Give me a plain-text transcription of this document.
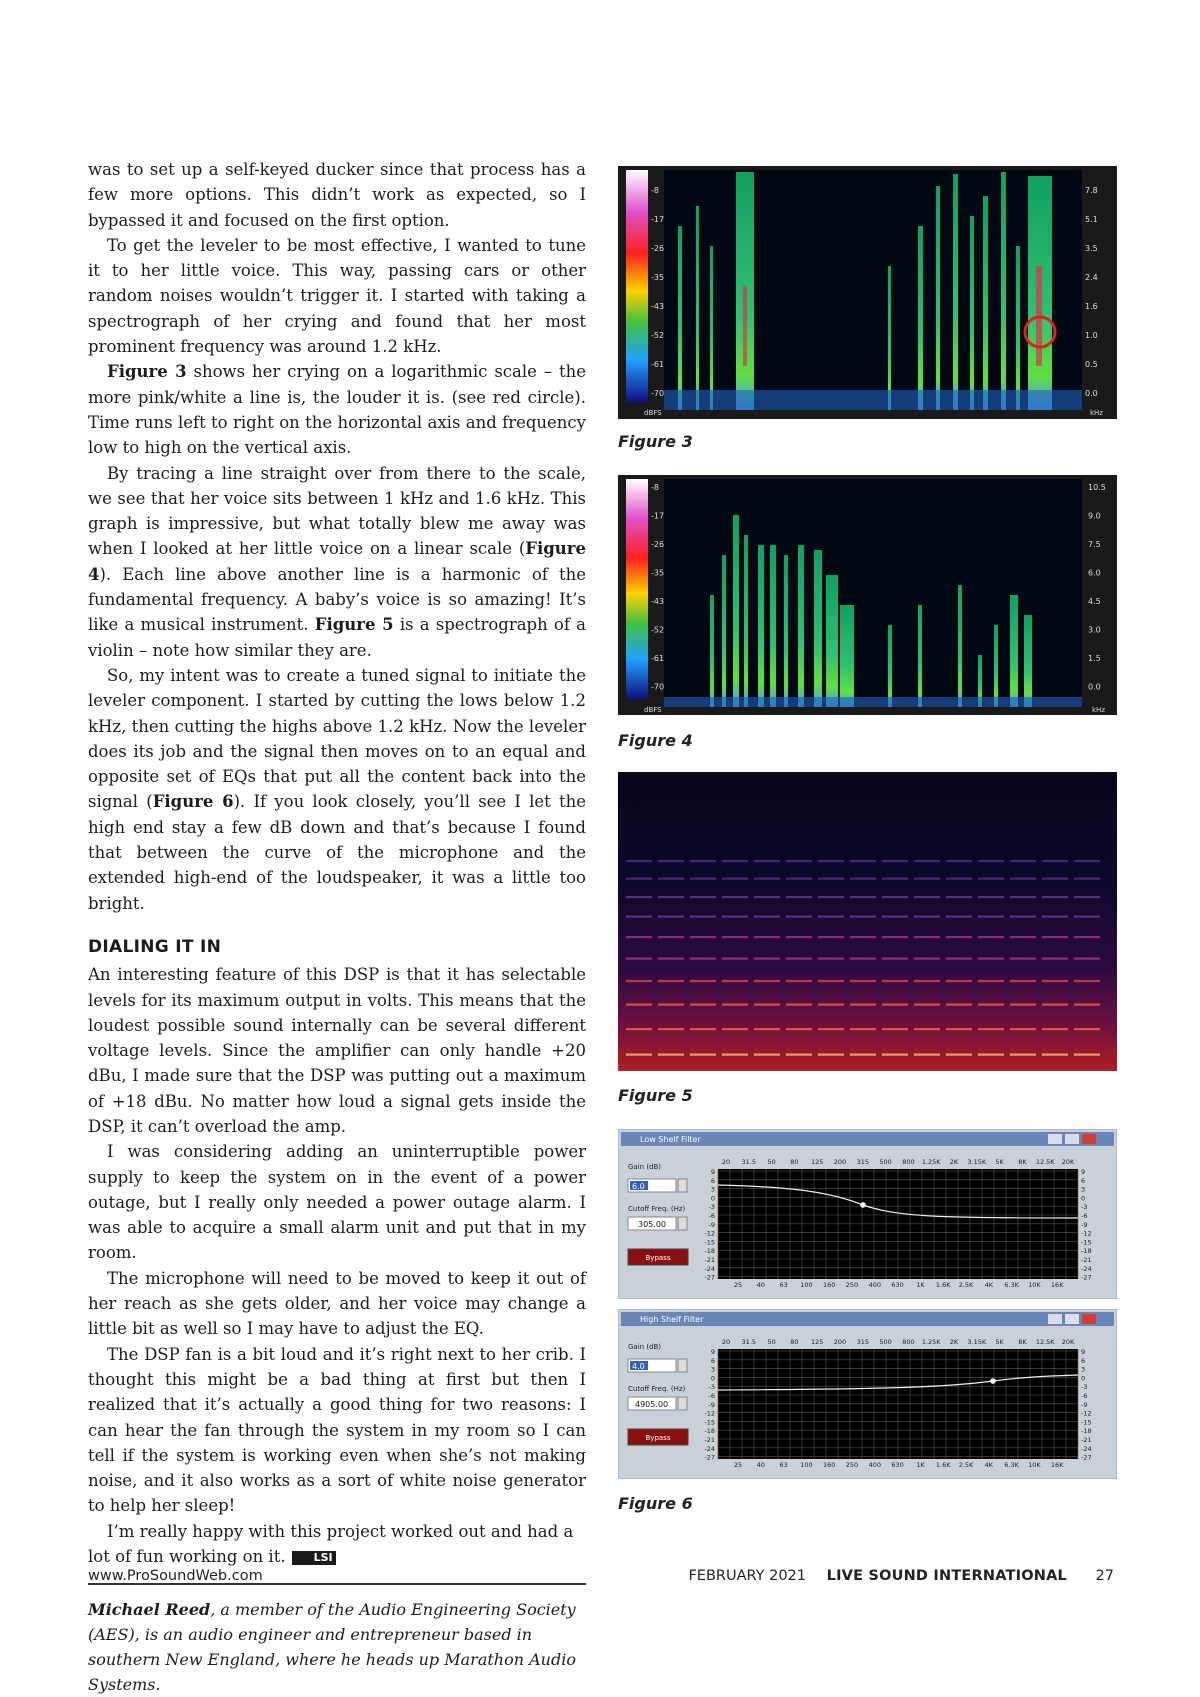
was to set up a self-keyed ducker since that process has a few more options. This didn’t work as expected, so I bypassed it and focused on the first option.

To get the leveler to be most effective, I wanted to tune it to her little voice. This way, passing cars or other random noises wouldn’t trigger it. I started with taking a spectrograph of her crying and found that her most prominent frequency was around 1.2 kHz.

Figure 3 shows her crying on a logarithmic scale – the more pink/white a line is, the louder it is. (see red circle). Time runs left to right on the horizontal axis and frequency low to high on the vertical axis.

By tracing a line straight over from there to the scale, we see that her voice sits between 1 kHz and 1.6 kHz. This graph is impressive, but what totally blew me away was when I looked at her little voice on a linear scale (Figure 4). Each line above another line is a harmonic of the fundamental frequency. A baby’s voice is so amazing! It’s like a musical instrument. Figure 5 is a spectrograph of a violin – note how similar they are.

So, my intent was to create a tuned signal to initiate the leveler component. I started by cutting the lows below 1.2 kHz, then cutting the highs above 1.2 kHz. Now the leveler does its job and the signal then moves on to an equal and opposite set of EQs that put all the content back into the signal (Figure 6). If you look closely, you’ll see I let the high end stay a few dB down and that’s because I found that between the curve of the microphone and the extended high-end of the loudspeaker, it was a little too bright.

DIALING IT IN

An interesting feature of this DSP is that it has selectable levels for its maximum output in volts. This means that the loudest possible sound internally can be several different voltage levels. Since the amplifier can only handle +20 dBu, I made sure that the DSP was putting out a maximum of +18 dBu. No matter how loud a signal gets inside the DSP, it can’t overload the amp.

I was considering adding an uninterruptible power supply to keep the system on in the event of a power outage, but I really only needed a power outage alarm. I was able to acquire a small alarm unit and put that in my room.

The microphone will need to be moved to keep it out of her reach as she gets older, and her voice may change a little bit as well so I may have to adjust the EQ.

The DSP fan is a bit loud and it’s right next to her crib. I thought this might be a bad thing at first but then I realized that it’s actually a good thing for two reasons: I can hear the fan through the system in my room so I can tell if the system is working even when she’s not making noise, and it also works as a sort of white noise generator to help her sleep!

I’m really happy with this project worked out and had a lot of fun working on it.	LSI

Michael Reed, a member of the Audio Engineering Society (AES), is an audio engineer and entrepreneur based in southern New England, where he heads up Marathon Audio Systems.

-8
-17
-26
-35
-43
-52
-61
-70
7.8
5.1
3.5
2.4
1.6
1.0
0.5
0.0
dBFS	kHz
Figure 3
-8
-17
-26
-35
-43
-52
-61
-70
10.5
9.0
7.5
6.0
4.5
3.0
1.5
0.0
dBFS	kHz
Figure 4
Figure 5
Low Shelf Filter
Gain (dB)
6.0
Cutoff Freq. (Hz)
305.00
Bypass
20 31.5 50 80 125 200 315 500 800 1.25K 2K 3.15K 5K 8K 12.5K 20K
25 40 63 100 160 250 400 630 1K 1.6K 2.5K 4K 6.3K 10K 16K
9
6
3
0
-3
-6
-9
-12
-15
-18
-21
-24
-27
9
6
3
0
-3
-6
-9
-12
-15
-18
-21
-24
-27
High Shelf Filter
Gain (dB)
4.0
Cutoff Freq. (Hz)
4905.00
Bypass
20 31.5 50 80 125 200 315 500 800 1.25K 2K 3.15K 5K 8K 12.5K 20K
25 40 63 100 160 250 400 630 1K 1.6K 2.5K 4K 6.3K 10K 16K
9
6
3
0
-3
-6
-9
-12
-15
-18
-21
-24
-27
9
6
3
0
-3
-6
-9
-12
-15
-18
-21
-24
-27
Figure 6
www.ProSoundWeb.com	FEBRUARY 2021 LIVE SOUND INTERNATIONAL 27
